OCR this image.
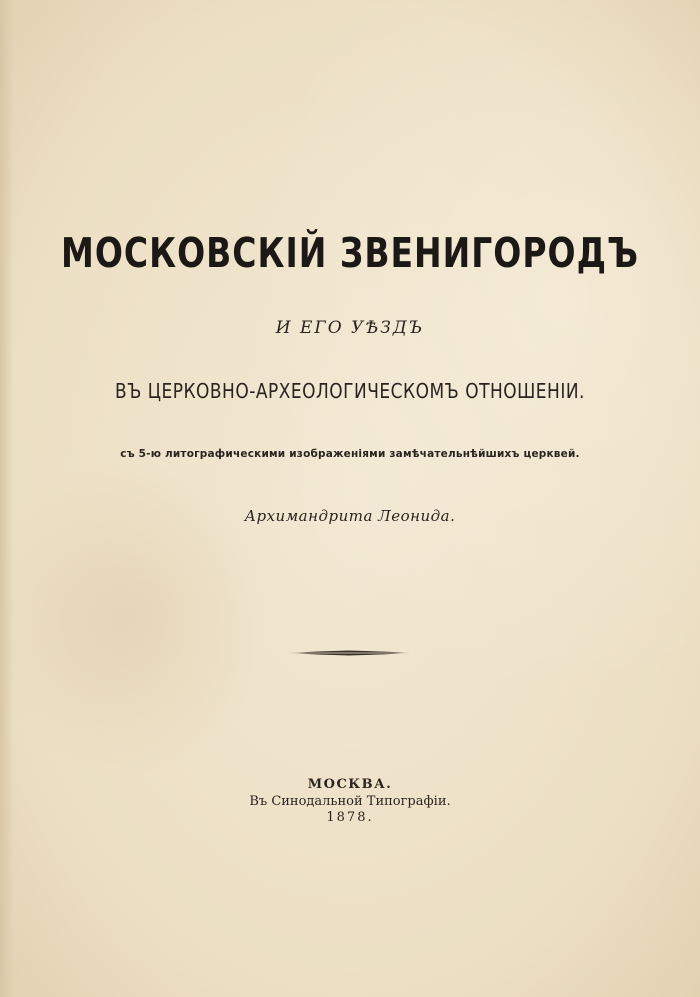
МОСКОВСКІЙ ЗВЕНИГОРОДЪ
И ЕГО УѢЗДЪ
ВЪ ЦЕРКОВНО-АРХЕОЛОГИЧЕСКОМЪ ОТНОШЕНІИ.
съ 5-ю литографическими изображеніями замѣчательнѣйшихъ церквей.
Архимандрита Леонида.
МОСКВА.
Въ Синодальной Типографіи.
1878.
